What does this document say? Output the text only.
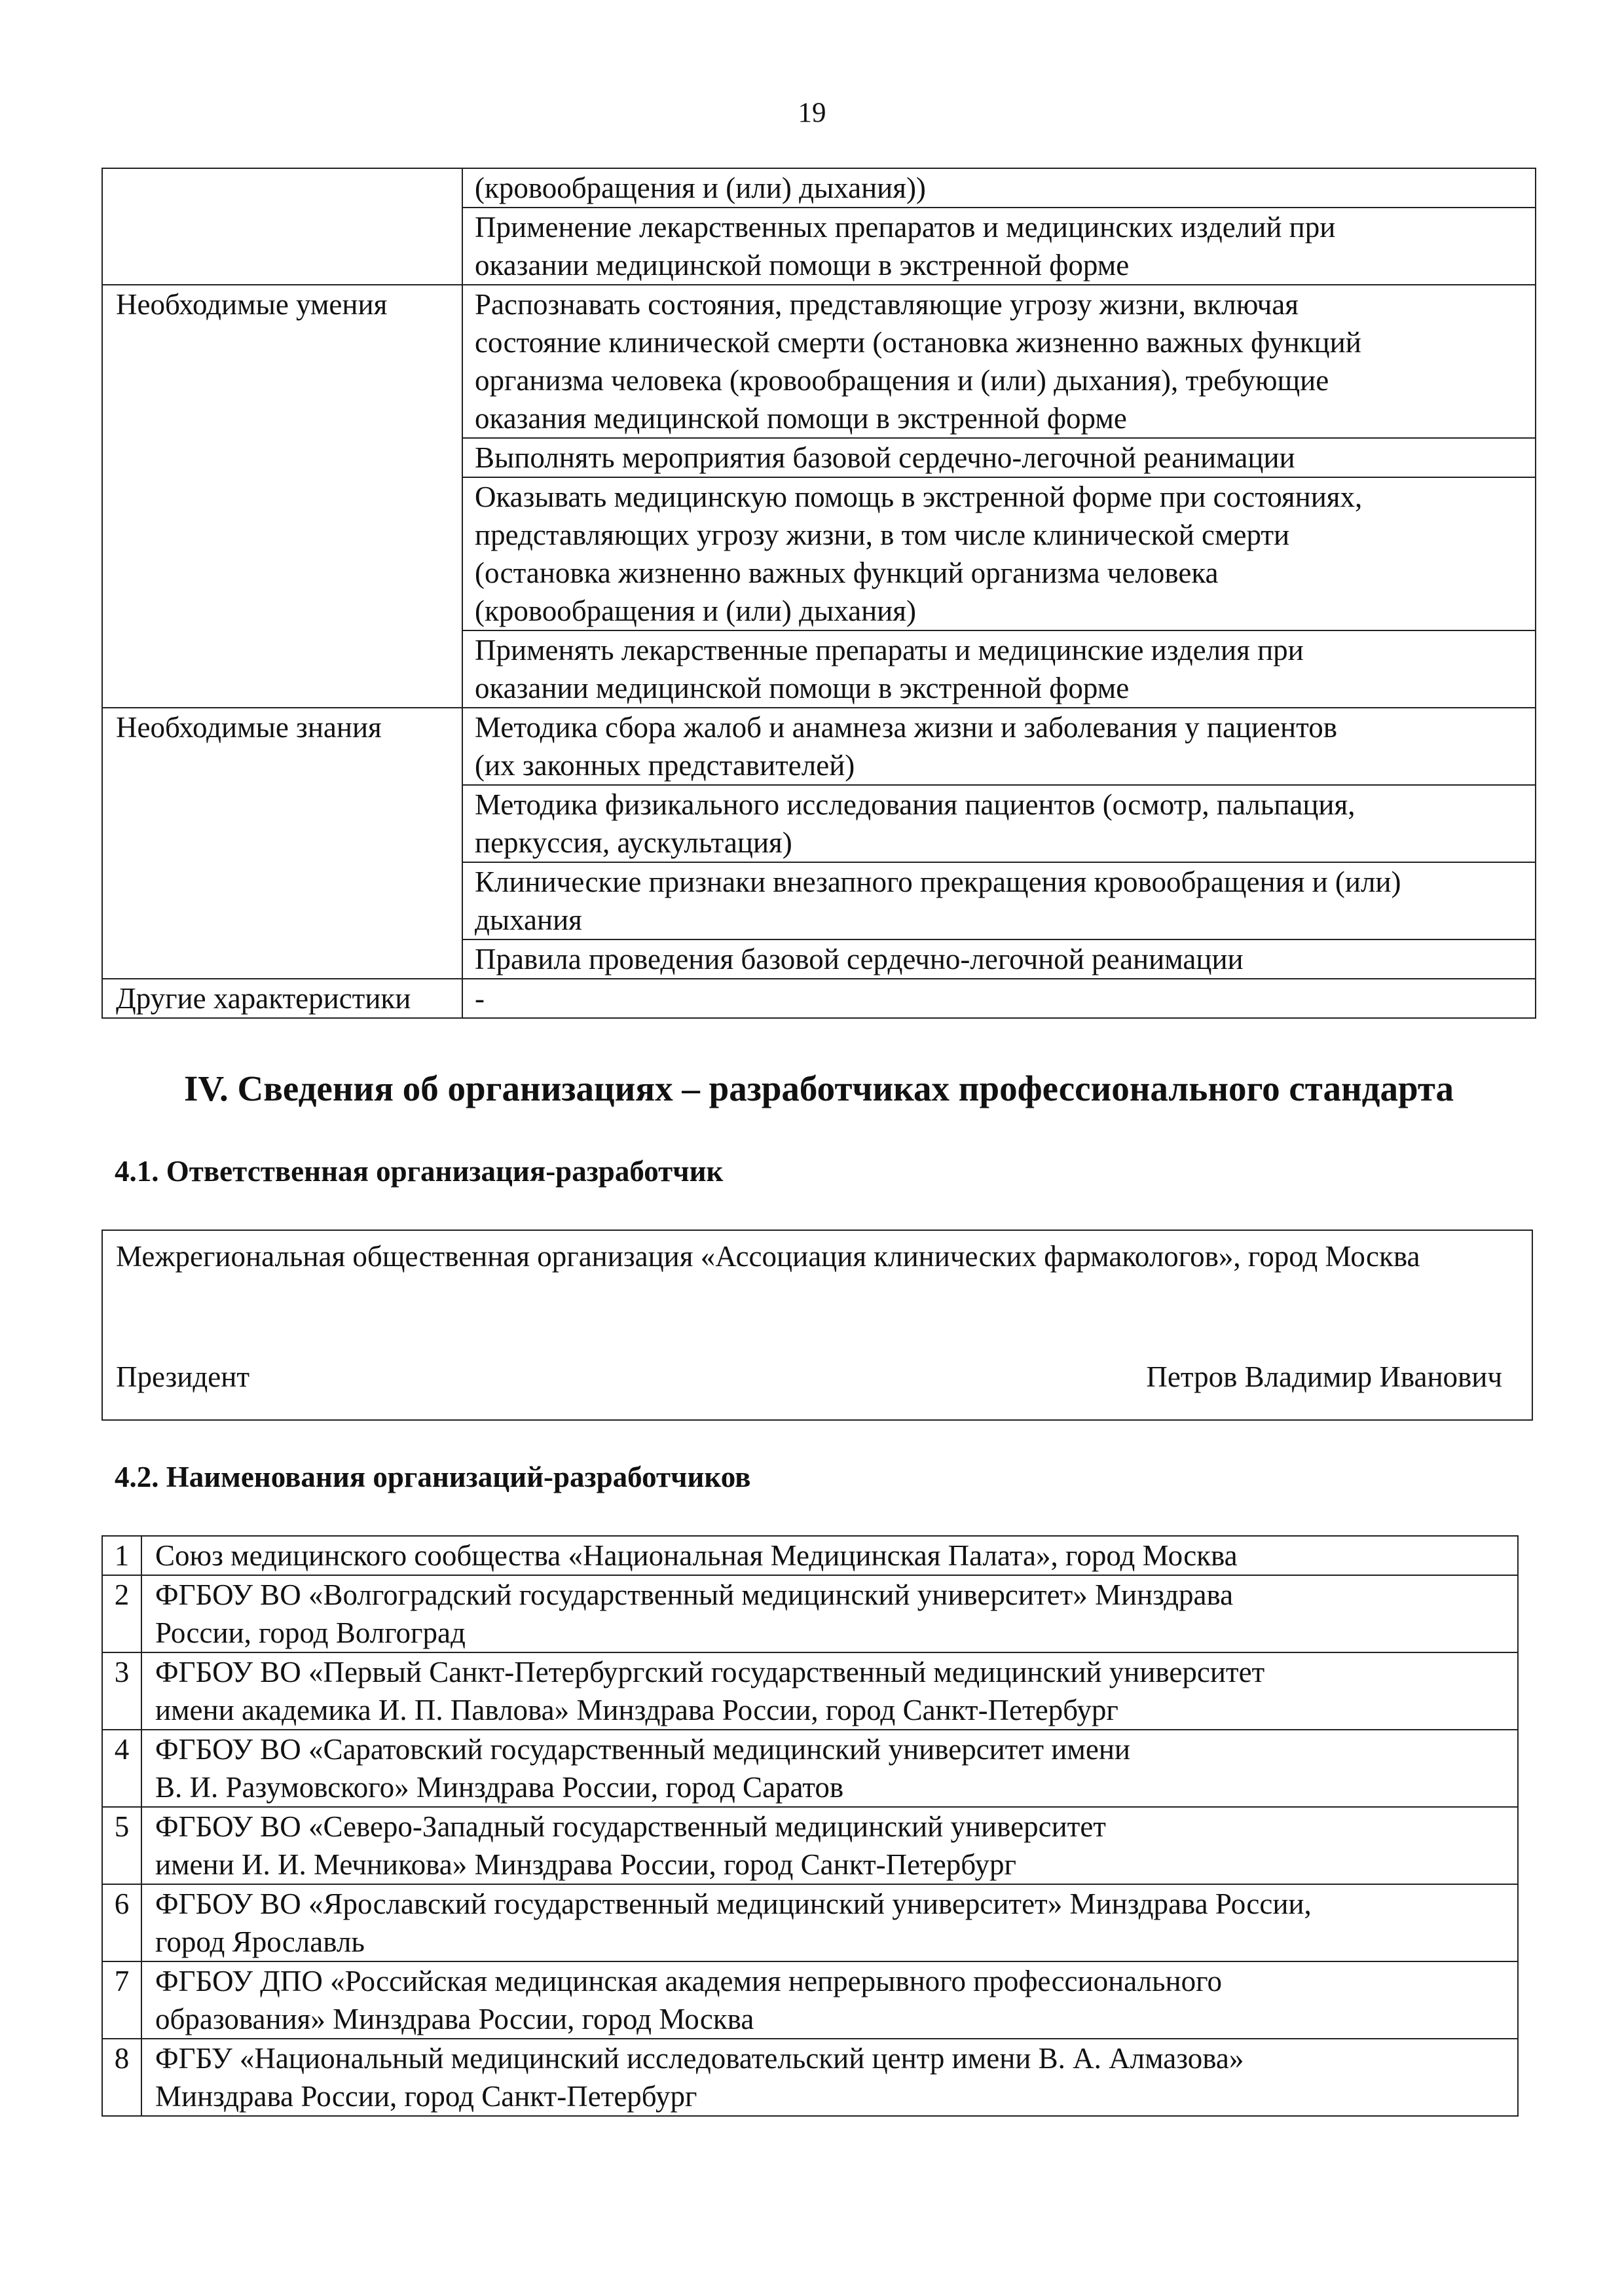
19

	(кровообращения и (или) дыхания))

	Применение лекарственных препаратов и медицинских изделий при
оказании медицинской помощи в экстренной форме

Необходимые умения	Распознавать состояния, представляющие угрозу жизни, включая
состояние клинической смерти (остановка жизненно важных функций
организма человека (кровообращения и (или) дыхания), требующие
оказания медицинской помощи в экстренной форме

	Выполнять мероприятия базовой сердечно-легочной реанимации

	Оказывать медицинскую помощь в экстренной форме при состояниях,
представляющих угрозу жизни, в том числе клинической смерти
(остановка жизненно важных функций организма человека
(кровообращения и (или) дыхания)

	Применять лекарственные препараты и медицинские изделия при
оказании медицинской помощи в экстренной форме

Необходимые знания	Методика сбора жалоб и анамнеза жизни и заболевания у пациентов
(их законных представителей)

	Методика физикального исследования пациентов (осмотр, пальпация,
перкуссия, аускультация)

	Клинические признаки внезапного прекращения кровообращения и (или)
дыхания

	Правила проведения базовой сердечно-легочной реанимации

Другие характеристики	-
IV. Сведения об организациях – разработчиках профессионального стандарта
4.1. Ответственная организация-разработчик
Межрегиональная общественная организация «Ассоциация клинических фармакологов», город Москва
Президент	Петров Владимир Иванович
4.2. Наименования организаций-разработчиков
1	Союз медицинского сообщества «Национальная Медицинская Палата», город Москва

2	ФГБОУ ВО «Волгоградский государственный медицинский университет» Минздрава
России, город Волгоград

3	ФГБОУ ВО «Первый Санкт-Петербургский государственный медицинский университет
имени академика И. П. Павлова» Минздрава России, город Санкт-Петербург

4	ФГБОУ ВО «Саратовский государственный медицинский университет имени
В. И. Разумовского» Минздрава России, город Саратов

5	ФГБОУ ВО «Северо-Западный государственный медицинский университет
имени И. И. Мечникова» Минздрава России, город Санкт-Петербург

6	ФГБОУ ВО «Ярославский государственный медицинский университет» Минздрава России,
город Ярославль

7	ФГБОУ ДПО «Российская медицинская академия непрерывного профессионального
образования» Минздрава России, город Москва

8	ФГБУ «Национальный медицинский исследовательский центр имени В. А. Алмазова»
Минздрава России, город Санкт-Петербург
